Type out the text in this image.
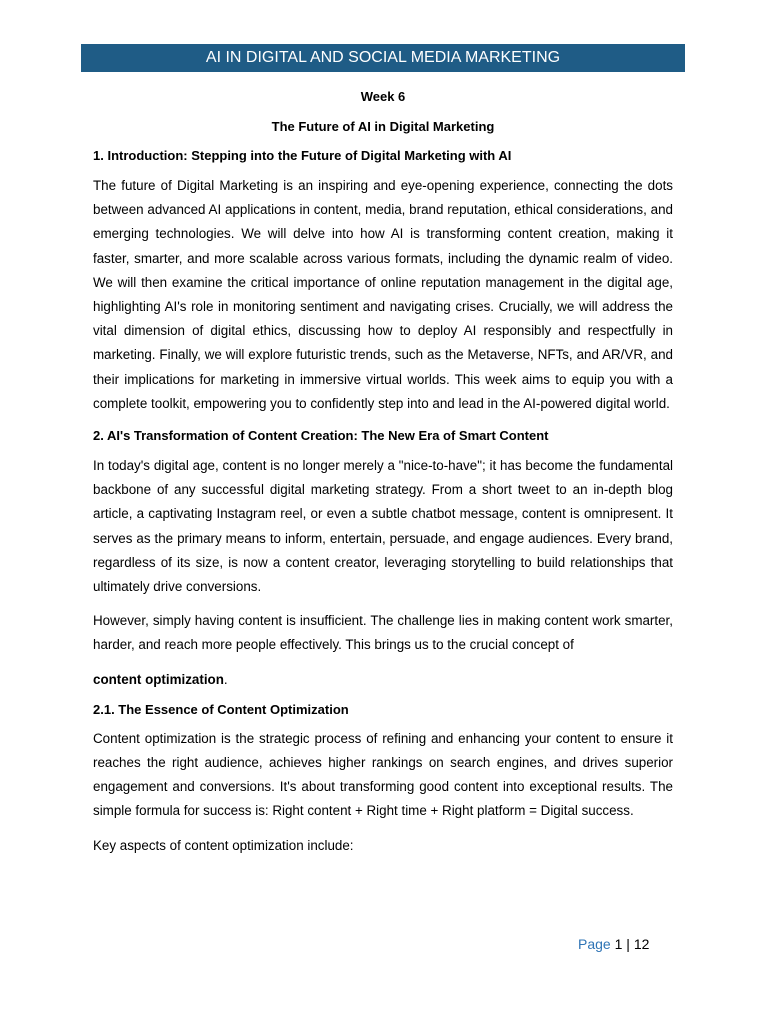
AI IN DIGITAL AND SOCIAL MEDIA MARKETING

Week 6

The Future of AI in Digital Marketing

1. Introduction: Stepping into the Future of Digital Marketing with AI

The future of Digital Marketing is an inspiring and eye-opening experience, connecting the dots between advanced AI applications in content, media, brand reputation, ethical considerations, and emerging technologies. We will delve into how AI is transforming content creation, making it faster, smarter, and more scalable across various formats, including the dynamic realm of video. We will then examine the critical importance of online reputation management in the digital age, highlighting AI's role in monitoring sentiment and navigating crises. Crucially, we will address the vital dimension of digital ethics, discussing how to deploy AI responsibly and respectfully in marketing. Finally, we will explore futuristic trends, such as the Metaverse, NFTs, and AR/VR, and their implications for marketing in immersive virtual worlds. This week aims to equip you with a complete toolkit, empowering you to confidently step into and lead in the AI-powered digital world.

2. AI's Transformation of Content Creation: The New Era of Smart Content

In today's digital age, content is no longer merely a "nice-to-have"; it has become the fundamental backbone of any successful digital marketing strategy. From a short tweet to an in-depth blog article, a captivating Instagram reel, or even a subtle chatbot message, content is omnipresent. It serves as the primary means to inform, entertain, persuade, and engage audiences. Every brand, regardless of its size, is now a content creator, leveraging storytelling to build relationships that ultimately drive conversions.

However, simply having content is insufficient. The challenge lies in making content work smarter, harder, and reach more people effectively. This brings us to the crucial concept of

content optimization.

2.1. The Essence of Content Optimization

Content optimization is the strategic process of refining and enhancing your content to ensure it reaches the right audience, achieves higher rankings on search engines, and drives superior engagement and conversions. It's about transforming good content into exceptional results. The simple formula for success is: Right content + Right time + Right platform = Digital success.

Key aspects of content optimization include:

Page 1 | 12
